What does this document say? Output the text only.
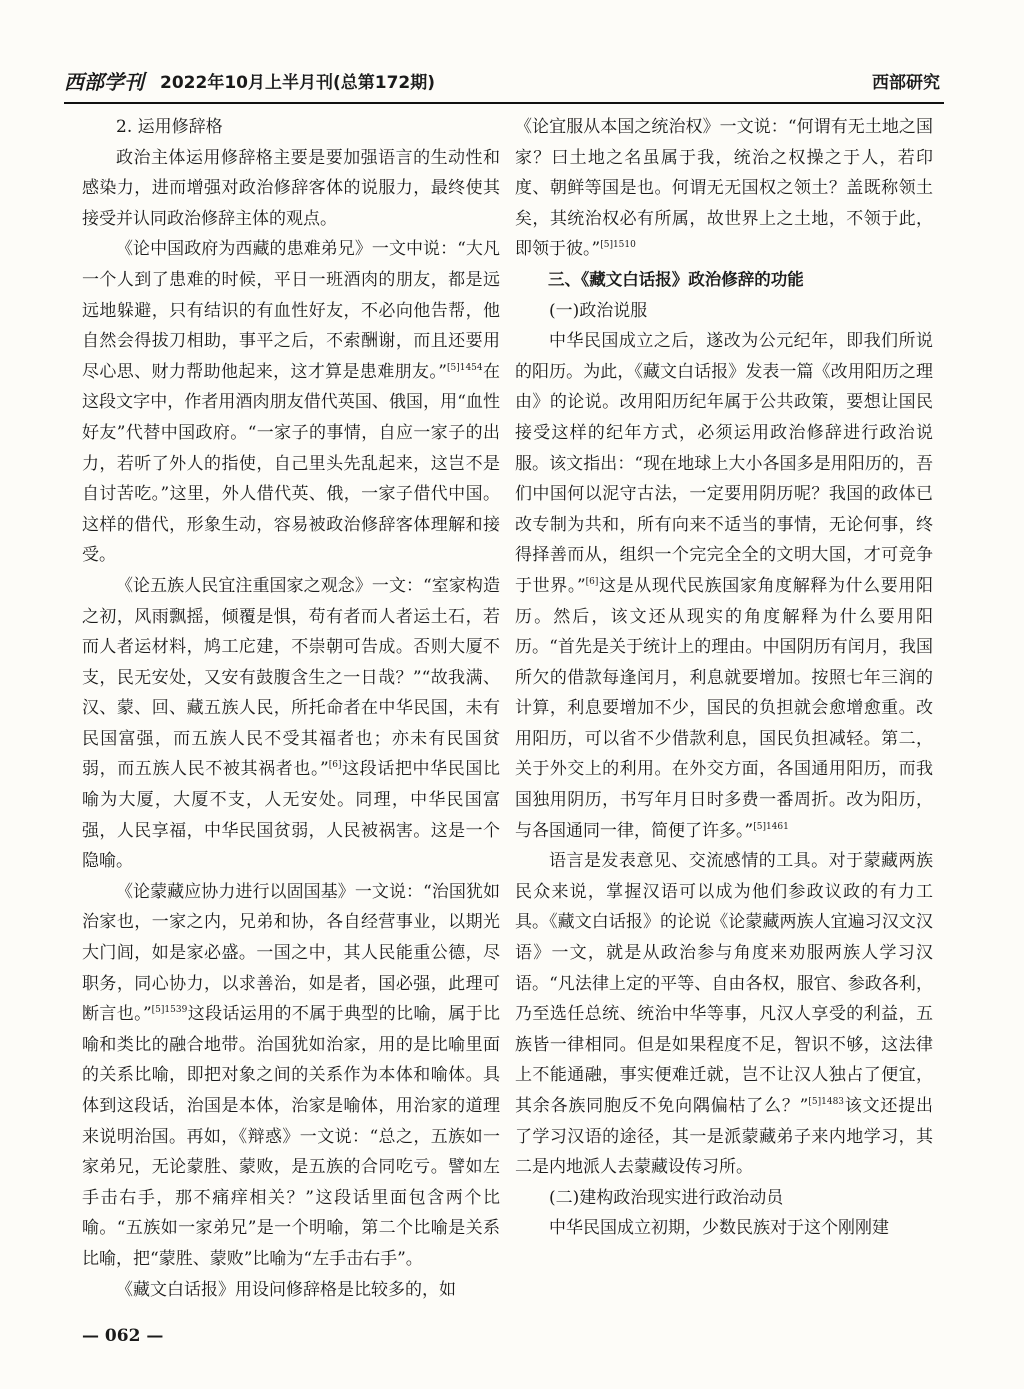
西部学刊 2022年10月上半月刊(总第172期)	西部研究

2. 运用修辞格

政治主体运用修辞格主要是要加强语言的生动性和感染力，进而增强对政治修辞客体的说服力，最终使其接受并认同政治修辞主体的观点。

《论中国政府为西藏的患难弟兄》一文中说：“大凡一个人到了患难的时候，平日一班酒肉的朋友，都是远远地躲避，只有结识的有血性好友，不必向他告帮，他自然会得拔刀相助，事平之后，不索酬谢，而且还要用尽心思、财力帮助他起来，这才算是患难朋友。”$^{[5]1454}$在这段文字中，作者用酒肉朋友借代英国、俄国，用“血性好友”代替中国政府。“一家子的事情，自应一家子的出力，若听了外人的指使，自己里头先乱起来，这岂不是自讨苦吃。”这里，外人借代英、俄，一家子借代中国。这样的借代，形象生动，容易被政治修辞客体理解和接受。

《论五族人民宜注重国家之观念》一文：“室家构造之初，风雨飘摇，倾覆是惧，苟有者而人者运土石，若而人者运材料，鸠工庀建，不崇朝可告成。否则大厦不支，民无安处，又安有鼓腹含生之一日哉？”“故我满、汉、蒙、回、藏五族人民，所托命者在中华民国，未有民国富强，而五族人民不受其福者也；亦未有民国贫弱，而五族人民不被其祸者也。”[6]这段话把中华民国比喻为大厦，大厦不支，人无安处。同理，中华民国富强，人民享福，中华民国贫弱，人民被祸害。这是一个隐喻。

《论蒙藏应协力进行以固国基》一文说：“治国犹如治家也，一家之内，兄弟和协，各自经营事业，以期光大门闾，如是家必盛。一国之中，其人民能重公德，尽职务，同心协力，以求善治，如是者，国必强，此理可断言也。”$^{[5]1539}$这段话运用的不属于典型的比喻，属于比喻和类比的融合地带。治国犹如治家，用的是比喻里面的关系比喻，即把对象之间的关系作为本体和喻体。具体到这段话，治国是本体，治家是喻体，用治家的道理来说明治国。再如，《辩惑》一文说：“总之，五族如一家弟兄，无论蒙胜、蒙败，是五族的合同吃亏。譬如左手击右手，那不痛痒相关？”这段话里面包含两个比喻。“五族如一家弟兄”是一个明喻，第二个比喻是关系比喻，把“蒙胜、蒙败”比喻为“左手击右手”。

《藏文白话报》用设问修辞格是比较多的，如

《论宜服从本国之统治权》一文说：“何谓有无土地之国家？曰土地之名虽属于我，统治之权操之于人，若印度、朝鲜等国是也。何谓无无国权之领土？盖既称领土矣，其统治权必有所属，故世界上之土地，不领于此，即领于彼。”$^{[5]1510}$

三、《藏文白话报》政治修辞的功能

(一)政治说服

中华民国成立之后，遂改为公元纪年，即我们所说的阳历。为此，《藏文白话报》发表一篇《改用阳历之理由》的论说。改用阳历纪年属于公共政策，要想让国民接受这样的纪年方式，必须运用政治修辞进行政治说服。该文指出：“现在地球上大小各国多是用阳历的，吾们中国何以泥守古法，一定要用阴历呢？我国的政体已改专制为共和，所有向来不适当的事情，无论何事，终得择善而从，组织一个完完全全的文明大国，才可竞争于世界。”[6]这是从现代民族国家角度解释为什么要用阳历。然后，该文还从现实的角度解释为什么要用阳历。“首先是关于统计上的理由。中国阴历有闰月，我国所欠的借款每逢闰月，利息就要增加。按照七年三润的计算，利息要增加不少，国民的负担就会愈增愈重。改用阳历，可以省不少借款利息，国民负担减轻。第二，关于外交上的利用。在外交方面，各国通用阳历，而我国独用阴历，书写年月日时多费一番周折。改为阳历，与各国通同一律，简便了许多。”$^{[5]1461}$

语言是发表意见、交流感情的工具。对于蒙藏两族民众来说，掌握汉语可以成为他们参政议政的有力工具。《藏文白话报》的论说《论蒙藏两族人宜遍习汉文汉语》一文，就是从政治参与角度来劝服两族人学习汉语。“凡法律上定的平等、自由各权，服官、参政各利，乃至选任总统、统治中华等事，凡汉人享受的利益，五族皆一律相同。但是如果程度不足，智识不够，这法律上不能通融，事实便难迁就，岂不让汉人独占了便宜，其余各族同胞反不免向隅偏枯了么？”$^{[5]1483}$该文还提出了学习汉语的途径，其一是派蒙藏弟子来内地学习，其二是内地派人去蒙藏设传习所。

(二)建构政治现实进行政治动员

中华民国成立初期，少数民族对于这个刚刚建

— 062 —
